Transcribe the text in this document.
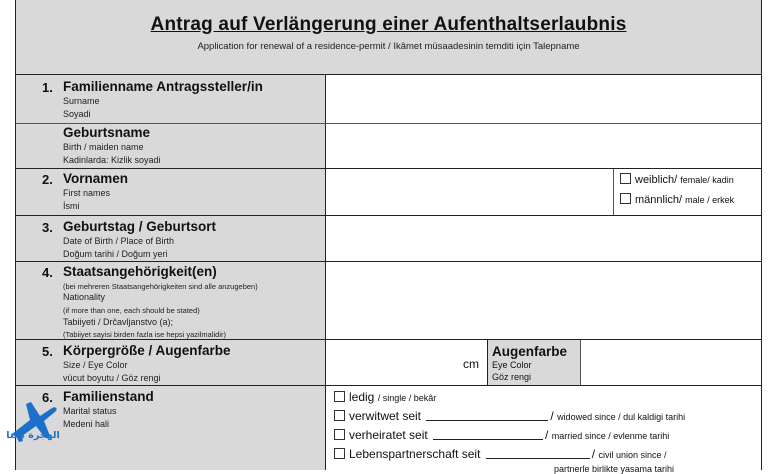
Antrag auf Verlängerung einer Aufenthaltserlaubnis
Application for renewal of a residence-permit / Ikâmet müsaadesinin temditi için Talepname
1. Familienname Antragssteller/in
Surname
Soyadi
Geburtsname
Birth / maiden name
Kadinlarda: Kizlik soyadi
2. Vornamen
First names
İsmi
weiblich/ female/ kadin
männlich/ male / erkek
3. Geburtstag / Geburtsort
Date of Birth / Place of Birth
Doğum tarihi / Doğum yeri
4. Staatsangehörigkeit(en)
(bei mehreren Staatsangehörigkeiten sind alle anzugeben)
Nationality
(if more than one, each should be stated)
Tabiiyeti / Drčavljanstvo (a);
(Tabiiyet sayisi birden fazla ise hepsi yazilmalidir)
5. Körpergröße / Augenfarbe
Size / Eye Color
vücut boyutu / Göz rengi
cm
Augenfarbe
Eye Color
Göz rengi
6. Familienstand
Marital status
Medeni hali
ledig / single / bekâr
verwitwet seit	/ widowed since / dul kaldigi tarihi
verheiratet seit	/ married since / evlenme tarihi
Lebenspartnerschaft seit	/ civil union since /
partnerle birlikte yasama tarihi
الهجرة معنا
